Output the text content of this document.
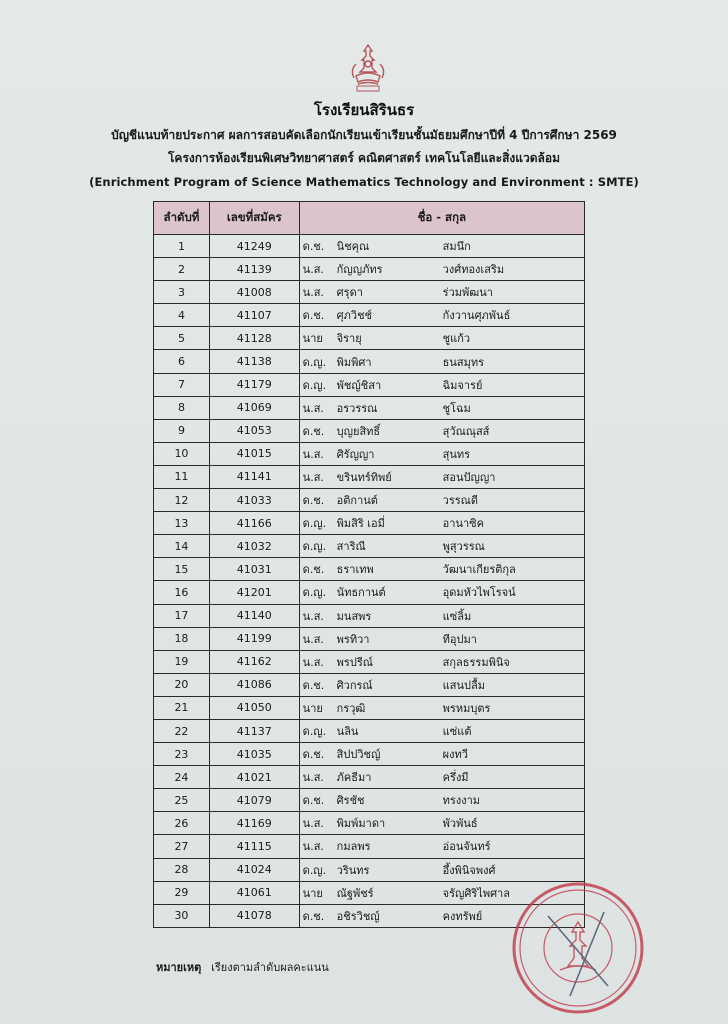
โรงเรียนสิรินธร
บัญชีแนบท้ายประกาศ ผลการสอบคัดเลือกนักเรียนเข้าเรียนชั้นมัธยมศึกษาปีที่ 4 ปีการศึกษา 2569
โครงการห้องเรียนพิเศษวิทยาศาสตร์ คณิตศาสตร์ เทคโนโลยีและสิ่งแวดล้อม
(Enrichment Program of Science Mathematics Technology and Environment : SMTE)
ลำดับที่	เลขที่สมัคร	ชื่อ - สกุล
1	41249	ด.ช. นิชคุณ สมนึก
2	41139	น.ส. กัญญภัทร วงศ์ทองเสริม
3	41008	น.ส. ศรุดา ร่วมพัฒนา
4	41107	ด.ช. ศุภวิชช์ กังวานศุภพันธ์
5	41128	นาย จิรายุ ชูแก้ว
6	41138	ด.ญ. พิมพิศา ธนสมุทร
7	41179	ด.ญ. พัชญ์ชิสา ฉิมจารย์
8	41069	น.ส. อรวรรณ ชูโฉม
9	41053	ด.ช. บุญยสิทธิ์ สุวัณณุสส์
10	41015	น.ส. ศิรัญญา สุนทร
11	41141	น.ส. ขรินทร์ทิพย์ สอนปัญญา
12	41033	ด.ช. อติกานต์ วรรณดี
13	41166	ด.ญ. พิมสิริ เอมี่ อานาซิค
14	41032	ด.ญ. สาริณี พูสุวรรณ
15	41031	ด.ช. ธราเทพ วัฒนาเกียรติกุล
16	41201	ด.ญ. นัทธกานต์ อุดมหัวไพโรจน์
17	41140	น.ส. มนสพร แซ่ลิ้ม
18	41199	น.ส. พรทิวา ทีอุปมา
19	41162	น.ส. พรปรีณ์ สกุลธรรมพินิจ
20	41086	ด.ช. ศิวกรณ์ แสนปลื้ม
21	41050	นาย กรวุฒิ พรหมบุตร
22	41137	ด.ญ. นลิน แซ่แต้
23	41035	ด.ช. สิปปวิชญ์ ผงทวี
24	41021	น.ส. ภัคธีมา ครึ่งมี
25	41079	ด.ช. ศิรชัช ทรงงาม
26	41169	น.ส. พิมพ์มาดา พัวพันธ์
27	41115	น.ส. กมลพร อ่อนจันทร์
28	41024	ด.ญ. วรินทร อึ้งพินิจพงศ์
29	41061	นาย ณัฐพัชร์ จรัญศิริไพศาล
30	41078	ด.ช. อชิรวิชญ์ คงทรัพย์
หมายเหตุ เรียงตามลำดับผลคะแนน
